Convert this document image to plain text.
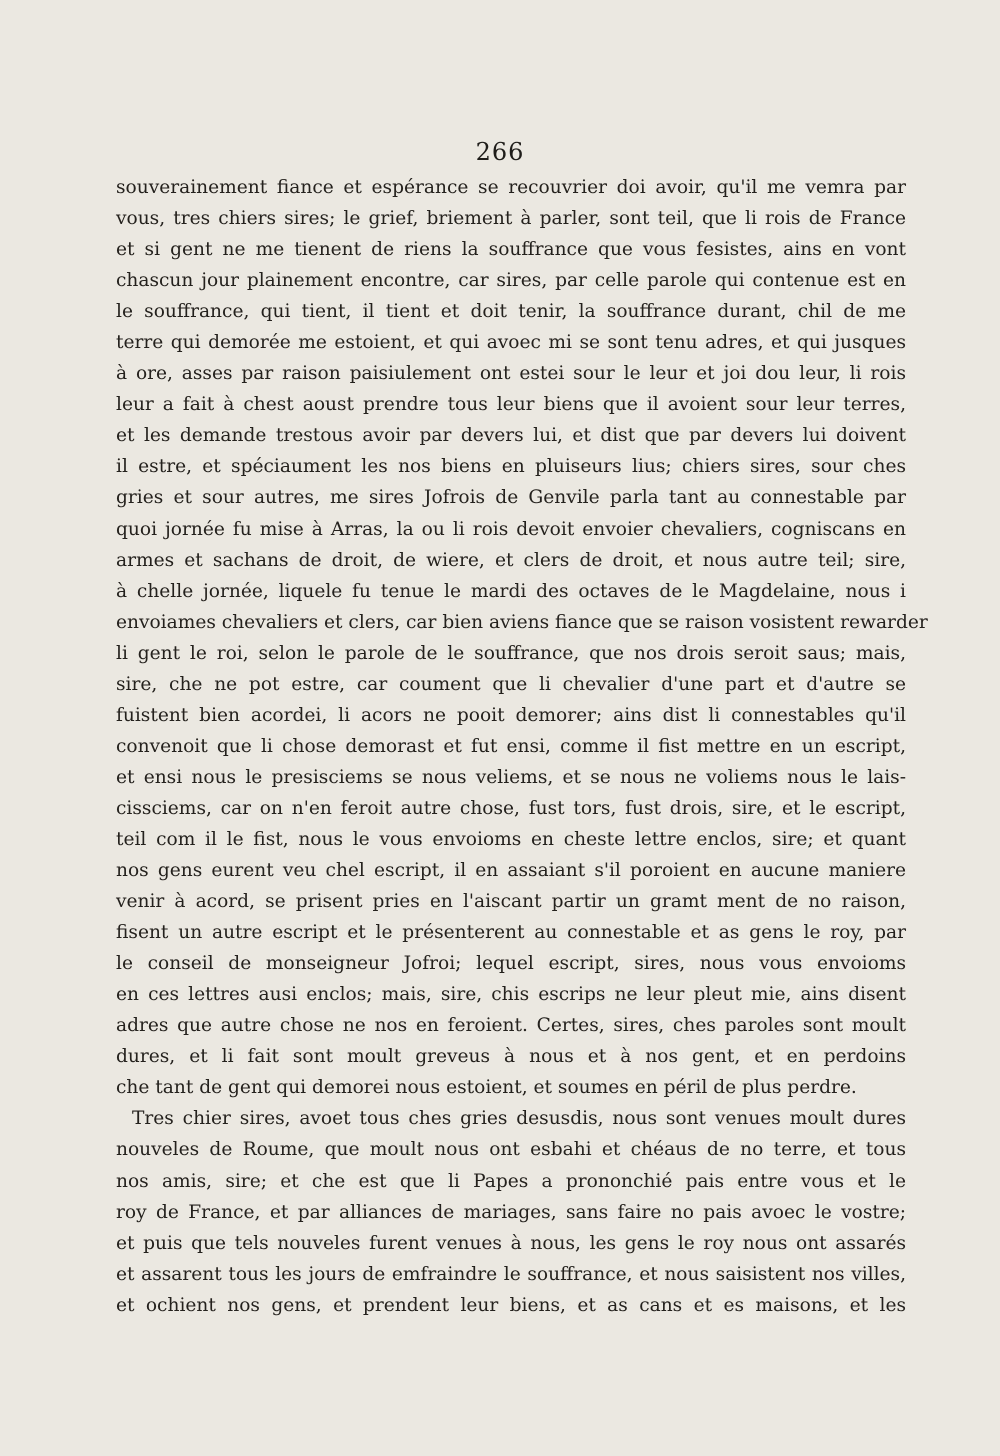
266
souverainement fiance et espérance se recouvrier doi avoir, qu'il me vemra par
vous, tres chiers sires; le grief, briement à parler, sont teil, que li rois de France
et si gent ne me tienent de riens la souffrance que vous fesistes, ains en vont
chascun jour plainement encontre, car sires, par celle parole qui contenue est en
le souffrance, qui tient, il tient et doit tenir, la souffrance durant, chil de me
terre qui demorée me estoient, et qui avoec mi se sont tenu adres, et qui jusques
à ore, asses par raison paisiulement ont estei sour le leur et joi dou leur, li rois
leur a fait à chest aoust prendre tous leur biens que il avoient sour leur terres,
et les demande trestous avoir par devers lui, et dist que par devers lui doivent
il estre, et spéciaument les nos biens en pluiseurs lius; chiers sires, sour ches
gries et sour autres, me sires Jofrois de Genvile parla tant au connestable par
quoi jornée fu mise à Arras, la ou li rois devoit envoier chevaliers, cogniscans en
armes et sachans de droit, de wiere, et clers de droit, et nous autre teil; sire,
à chelle jornée, liquele fu tenue le mardi des octaves de le Magdelaine, nous i
envoiames chevaliers et clers, car bien aviens fiance que se raison vosistent rewarder
li gent le roi, selon le parole de le souffrance, que nos drois seroit saus; mais,
sire, che ne pot estre, car coument que li chevalier d'une part et d'autre se
fuistent bien acordei, li acors ne pooit demorer; ains dist li connestables qu'il
convenoit que li chose demorast et fut ensi, comme il fist mettre en un escript,
et ensi nous le presisciems se nous veliems, et se nous ne voliems nous le lais-
cissciems, car on n'en feroit autre chose, fust tors, fust drois, sire, et le escript,
teil com il le fist, nous le vous envoioms en cheste lettre enclos, sire; et quant
nos gens eurent veu chel escript, il en assaiant s'il poroient en aucune maniere
venir à acord, se prisent pries en l'aiscant partir un gramt ment de no raison,
fisent un autre escript et le présenterent au connestable et as gens le roy, par
le conseil de monseigneur Jofroi; lequel escript, sires, nous vous envoioms
en ces lettres ausi enclos; mais, sire, chis escrips ne leur pleut mie, ains disent
adres que autre chose ne nos en feroient. Certes, sires, ches paroles sont moult
dures, et li fait sont moult greveus à nous et à nos gent, et en perdoins
che tant de gent qui demorei nous estoient, et soumes en péril de plus perdre.
Tres chier sires, avoet tous ches gries desusdis, nous sont venues moult dures
nouveles de Roume, que moult nous ont esbahi et chéaus de no terre, et tous
nos amis, sire; et che est que li Papes a prononchié pais entre vous et le
roy de France, et par alliances de mariages, sans faire no pais avoec le vostre;
et puis que tels nouveles furent venues à nous, les gens le roy nous ont assarés
et assarent tous les jours de emfraindre le souffrance, et nous saisistent nos villes,
et ochient nos gens, et prendent leur biens, et as cans et es maisons, et les
